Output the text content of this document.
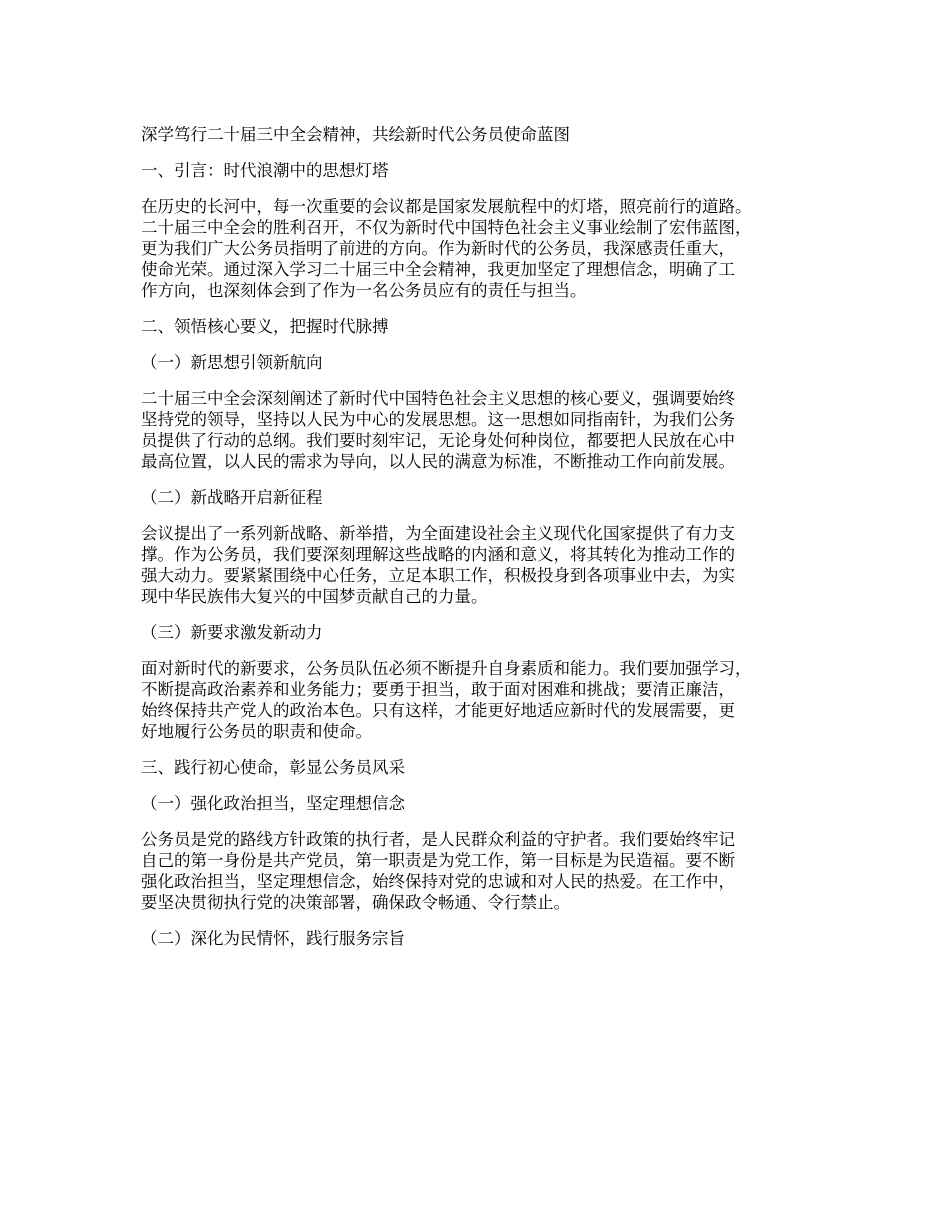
深学笃行二十届三中全会精神，共绘新时代公务员使命蓝图

一、引言：时代浪潮中的思想灯塔

在历史的长河中，每一次重要的会议都是国家发展航程中的灯塔，照亮前行的道路。

二十届三中全会的胜利召开，不仅为新时代中国特色社会主义事业绘制了宏伟蓝图，

更为我们广大公务员指明了前进的方向。作为新时代的公务员，我深感责任重大，

使命光荣。通过深入学习二十届三中全会精神，我更加坚定了理想信念，明确了工

作方向，也深刻体会到了作为一名公务员应有的责任与担当。

二、领悟核心要义，把握时代脉搏

（一）新思想引领新航向

二十届三中全会深刻阐述了新时代中国特色社会主义思想的核心要义，强调要始终

坚持党的领导，坚持以人民为中心的发展思想。这一思想如同指南针，为我们公务

员提供了行动的总纲。我们要时刻牢记，无论身处何种岗位，都要把人民放在心中

最高位置，以人民的需求为导向，以人民的满意为标准，不断推动工作向前发展。

（二）新战略开启新征程

会议提出了一系列新战略、新举措，为全面建设社会主义现代化国家提供了有力支

撑。作为公务员，我们要深刻理解这些战略的内涵和意义，将其转化为推动工作的

强大动力。要紧紧围绕中心任务，立足本职工作，积极投身到各项事业中去，为实

现中华民族伟大复兴的中国梦贡献自己的力量。

（三）新要求激发新动力

面对新时代的新要求，公务员队伍必须不断提升自身素质和能力。我们要加强学习，

不断提高政治素养和业务能力；要勇于担当，敢于面对困难和挑战；要清正廉洁，

始终保持共产党人的政治本色。只有这样，才能更好地适应新时代的发展需要，更

好地履行公务员的职责和使命。

三、践行初心使命，彰显公务员风采

（一）强化政治担当，坚定理想信念

公务员是党的路线方针政策的执行者，是人民群众利益的守护者。我们要始终牢记

自己的第一身份是共产党员，第一职责是为党工作，第一目标是为民造福。要不断

强化政治担当，坚定理想信念，始终保持对党的忠诚和对人民的热爱。在工作中，

要坚决贯彻执行党的决策部署，确保政令畅通、令行禁止。

（二）深化为民情怀，践行服务宗旨
